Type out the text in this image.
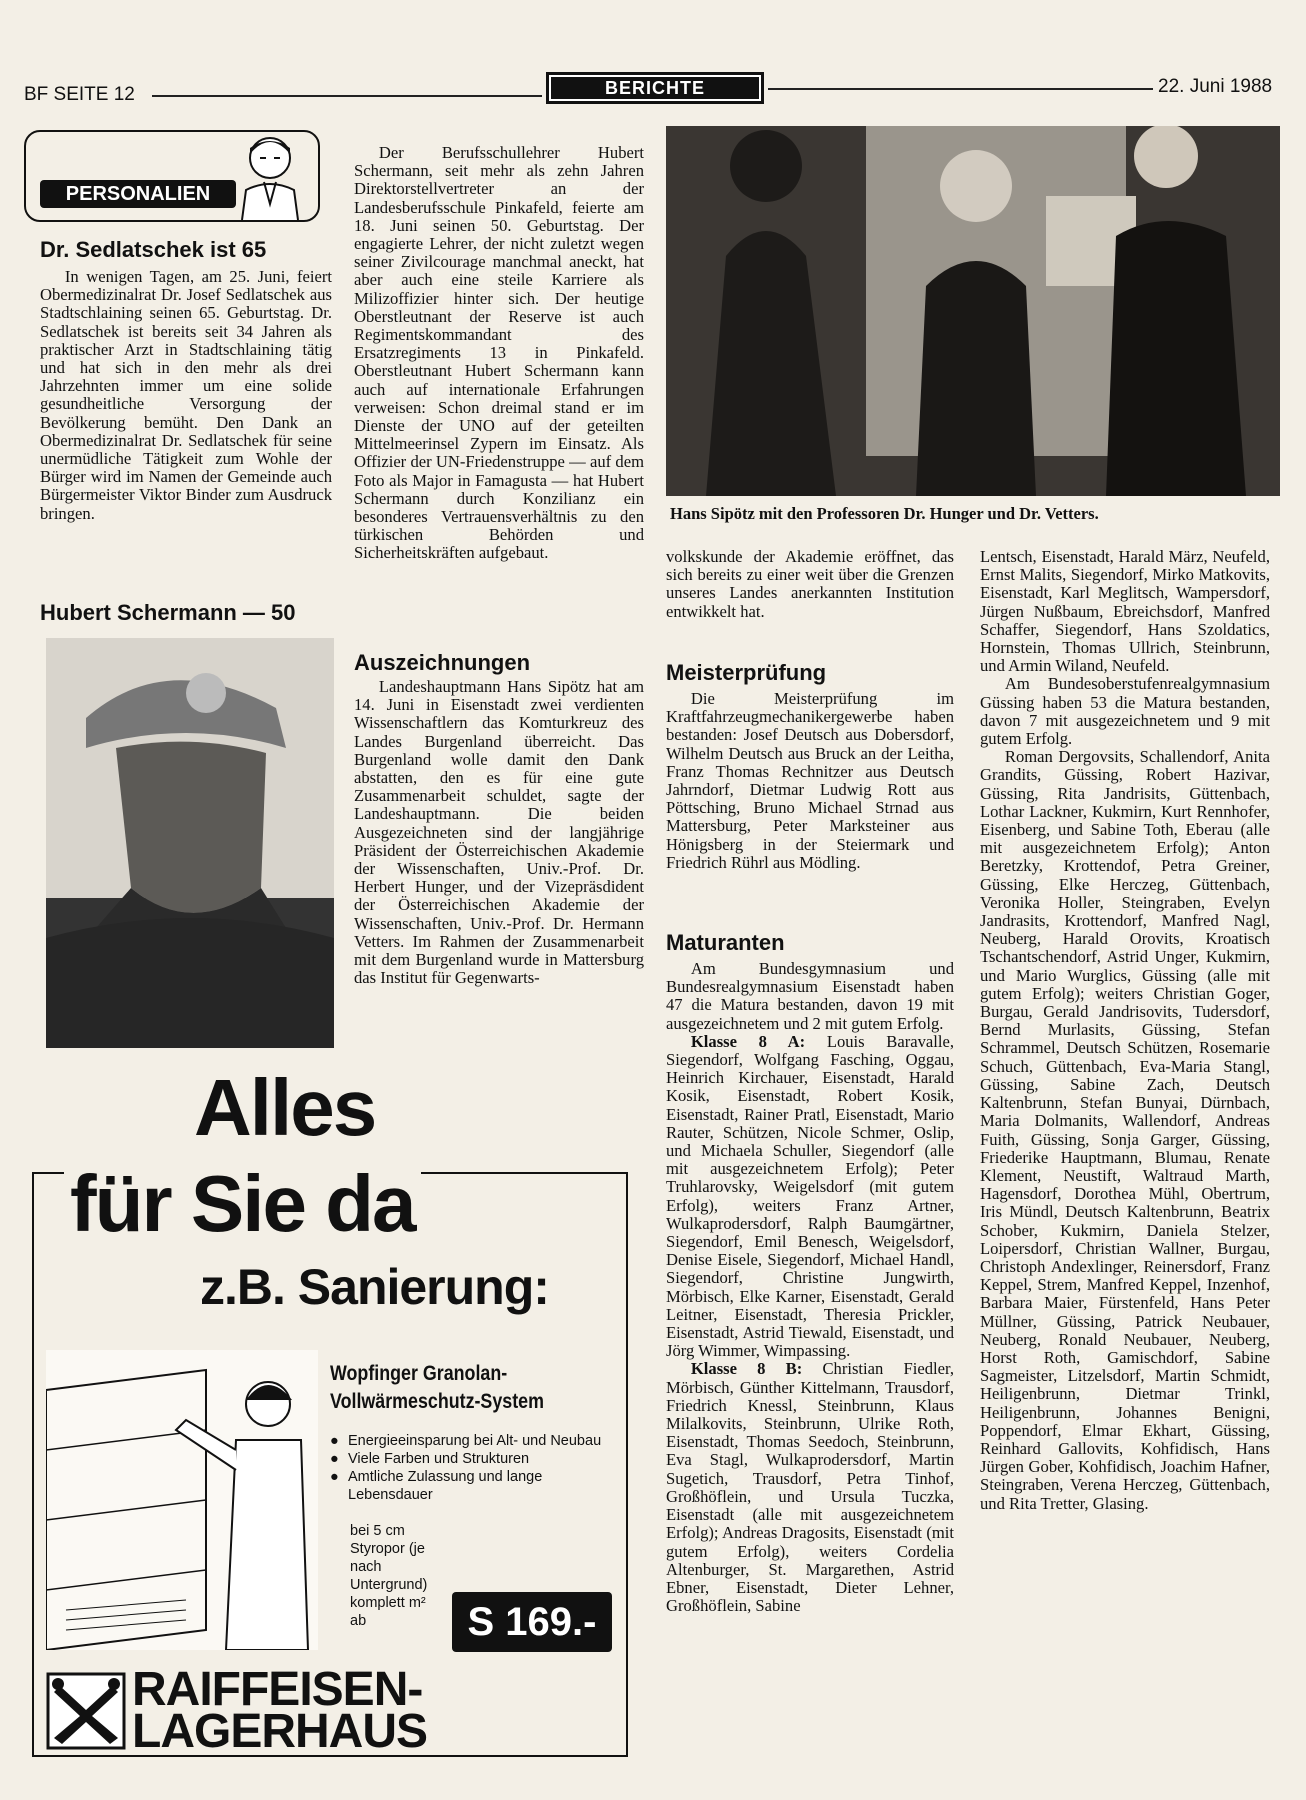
BF SEITE 12	BERICHTE	22. Juni 1988
PERSONALIEN
Dr. Sedlatschek ist 65

In wenigen Tagen, am 25. Juni, feiert Obermedizinalrat Dr. Josef Sedlatschek aus Stadtschlaining seinen 65. Geburtstag. Dr. Sedlatschek ist bereits seit 34 Jahren als praktischer Arzt in Stadtschlaining tätig und hat sich in den mehr als drei Jahrzehnten immer um eine solide gesundheitliche Versorgung der Bevölkerung bemüht. Den Dank an Obermedizinalrat Dr. Sedlatschek für seine unermüdliche Tätigkeit zum Wohle der Bürger wird im Namen der Gemeinde auch Bürgermeister Viktor Binder zum Ausdruck bringen.

Hubert Schermann — 50

Der Berufsschullehrer Hubert Schermann, seit mehr als zehn Jahren Direktorstellvertreter an der Landesberufsschule Pinkafeld, feierte am 18. Juni seinen 50. Geburtstag. Der engagierte Lehrer, der nicht zuletzt wegen seiner Zivilcourage manchmal aneckt, hat aber auch eine steile Karriere als Milizoffizier hinter sich. Der heutige Oberstleutnant der Reserve ist auch Regimentskommandant des Ersatzregiments 13 in Pinkafeld. Oberstleutnant Hubert Schermann kann auch auf internationale Erfahrungen verweisen: Schon dreimal stand er im Dienste der UNO auf der geteilten Mittelmeerinsel Zypern im Einsatz. Als Offizier der UN-Friedenstruppe — auf dem Foto als Major in Famagusta — hat Hubert Schermann durch Konzilianz ein besonderes Vertrauensverhältnis zu den türkischen Behörden und Sicherheitskräften aufgebaut.

Auszeichnungen

Landeshauptmann Hans Sipötz hat am 14. Juni in Eisenstadt zwei verdienten Wissenschaftlern das Komturkreuz des Landes Burgenland überreicht. Das Burgenland wolle damit den Dank abstatten, den es für eine gute Zusammenarbeit schuldet, sagte der Landeshauptmann. Die beiden Ausgezeichneten sind der langjährige Präsident der Österreichischen Akademie der Wissenschaften, Univ.-Prof. Dr. Herbert Hunger, und der Vizepräsdident der Österreichischen Akademie der Wissenschaften, Univ.-Prof. Dr. Hermann Vetters. Im Rahmen der Zusammenarbeit mit dem Burgenland wurde in Mattersburg das Institut für Gegenwarts-

Hans Sipötz mit den Professoren Dr. Hunger und Dr. Vetters.

volkskunde der Akademie eröffnet, das sich bereits zu einer weit über die Grenzen unseres Landes anerkannten Institution entwikkelt hat.

Meisterprüfung

Die Meisterprüfung im Kraftfahrzeugmechanikergewerbe haben bestanden: Josef Deutsch aus Dobersdorf, Wilhelm Deutsch aus Bruck an der Leitha, Franz Thomas Rechnitzer aus Deutsch Jahrndorf, Dietmar Ludwig Rott aus Pöttsching, Bruno Michael Strnad aus Mattersburg, Peter Marksteiner aus Hönigsberg in der Steiermark und Friedrich Rührl aus Mödling.

Maturanten

Am Bundesgymnasium und Bundesrealgymnasium Eisenstadt haben 47 die Matura bestanden, davon 19 mit ausgezeichnetem und 2 mit gutem Erfolg.

Klasse 8 A: Louis Baravalle, Siegendorf, Wolfgang Fasching, Oggau, Heinrich Kirchauer, Eisenstadt, Harald Kosik, Eisenstadt, Robert Kosik, Eisenstadt, Rainer Pratl, Eisenstadt, Mario Rauter, Schützen, Nicole Schmer, Oslip, und Michaela Schuller, Siegendorf (alle mit ausgezeichnetem Erfolg); Peter Truhlarovsky, Weigelsdorf (mit gutem Erfolg), weiters Franz Artner, Wulkaprodersdorf, Ralph Baumgärtner, Siegendorf, Emil Benesch, Weigelsdorf, Denise Eisele, Siegendorf, Michael Handl, Siegendorf, Christine Jungwirth, Mörbisch, Elke Karner, Eisenstadt, Gerald Leitner, Eisenstadt, Theresia Prickler, Eisenstadt, Astrid Tiewald, Eisenstadt, und Jörg Wimmer, Wimpassing.

Klasse 8 B: Christian Fiedler, Mörbisch, Günther Kittelmann, Trausdorf, Friedrich Knessl, Steinbrunn, Klaus Milalkovits, Steinbrunn, Ulrike Roth, Eisenstadt, Thomas Seedoch, Steinbrunn, Eva Stagl, Wulkaprodersdorf, Martin Sugetich, Trausdorf, Petra Tinhof, Großhöflein, und Ursula Tuczka, Eisenstadt (alle mit ausgezeichnetem Erfolg); Andreas Dragosits, Eisenstadt (mit gutem Erfolg), weiters Cordelia Altenburger, St. Margarethen, Astrid Ebner, Eisenstadt, Dieter Lehner, Großhöflein, Sabine

Lentsch, Eisenstadt, Harald März, Neufeld, Ernst Malits, Siegendorf, Mirko Matkovits, Eisenstadt, Karl Meglitsch, Wampersdorf, Jürgen Nußbaum, Ebreichsdorf, Manfred Schaffer, Siegendorf, Hans Szoldatics, Hornstein, Thomas Ullrich, Steinbrunn, und Armin Wiland, Neufeld.

Am Bundesoberstufenrealgymnasium Güssing haben 53 die Matura bestanden, davon 7 mit ausgezeichnetem und 9 mit gutem Erfolg.

Roman Dergovsits, Schallendorf, Anita Grandits, Güssing, Robert Hazivar, Güssing, Rita Jandrisits, Güttenbach, Lothar Lackner, Kukmirn, Kurt Rennhofer, Eisenberg, und Sabine Toth, Eberau (alle mit ausgezeichnetem Erfolg); Anton Beretzky, Krottendof, Petra Greiner, Güssing, Elke Herczeg, Güttenbach, Veronika Holler, Steingraben, Evelyn Jandrasits, Krottendorf, Manfred Nagl, Neuberg, Harald Orovits, Kroatisch Tschantschendorf, Astrid Unger, Kukmirn, und Mario Wurglics, Güssing (alle mit gutem Erfolg); weiters Christian Goger, Burgau, Gerald Jandrisovits, Tudersdorf, Bernd Murlasits, Güssing, Stefan Schrammel, Deutsch Schützen, Rosemarie Schuch, Güttenbach, Eva-Maria Stangl, Güssing, Sabine Zach, Deutsch Kaltenbrunn, Stefan Bunyai, Dürnbach, Maria Dolmanits, Wallendorf, Andreas Fuith, Güssing, Sonja Garger, Güssing, Friederike Hauptmann, Blumau, Renate Klement, Neustift, Waltraud Marth, Hagensdorf, Dorothea Mühl, Obertrum, Iris Mündl, Deutsch Kaltenbrunn, Beatrix Schober, Kukmirn, Daniela Stelzer, Loipersdorf, Christian Wallner, Burgau, Christoph Andexlinger, Reinersdorf, Franz Keppel, Strem, Manfred Keppel, Inzenhof, Barbara Maier, Fürstenfeld, Hans Peter Müllner, Güssing, Patrick Neubauer, Neuberg, Ronald Neubauer, Neuberg, Horst Roth, Gamischdorf, Sabine Sagmeister, Litzelsdorf, Martin Schmidt, Heiligenbrunn, Dietmar Trinkl, Heiligenbrunn, Johannes Benigni, Poppendorf, Elmar Ekhart, Güssing, Reinhard Gallovits, Kohfidisch, Hans Jürgen Gober, Kohfidisch, Joachim Hafner, Steingraben, Verena Herczeg, Güttenbach, und Rita Tretter, Glasing.

Alles
für Sie da
z.B. Sanierung:
Wopfinger Granolan-Vollwärmeschutz-System
● Energieeinsparung bei Alt- und Neubau
● Viele Farben und Strukturen
● Amtliche Zulassung und lange Lebensdauer
bei 5 cm Styropor (je nach Untergrund) komplett m² ab	S 169.-
RAIFFEISEN-
LAGERHAUS
